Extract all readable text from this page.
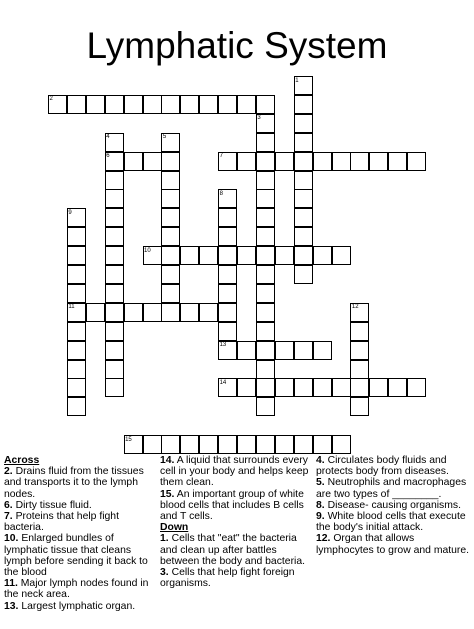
Lymphatic System
1
2
3
4	5
6	7
8
9
10
11	12
13
14
15

Across

2. Drains fluid from the tissues and transports it to the lymph nodes.

6. Dirty tissue fluid.

7. Proteins that help fight bacteria.

10. Enlarged bundles of lymphatic tissue that cleans lymph before sending it back to the blood

11. Major lymph nodes found in the neck area.

13. Largest lymphatic organ.

14. A liquid that surrounds every cell in your body and helps keep them clean.

15. An important group of white blood cells that includes B cells and T cells.

Down

1. Cells that "eat" the bacteria and clean up after battles between the body and bacteria.

3. Cells that help fight foreign organisms.

4. Circulates body fluids and protects body from diseases.

5. Neutrophils and macrophages are two types of ________.

8. Disease- causing organisms.

9. White blood cells that execute the body's initial attack.

12. Organ that allows lymphocytes to grow and mature.
